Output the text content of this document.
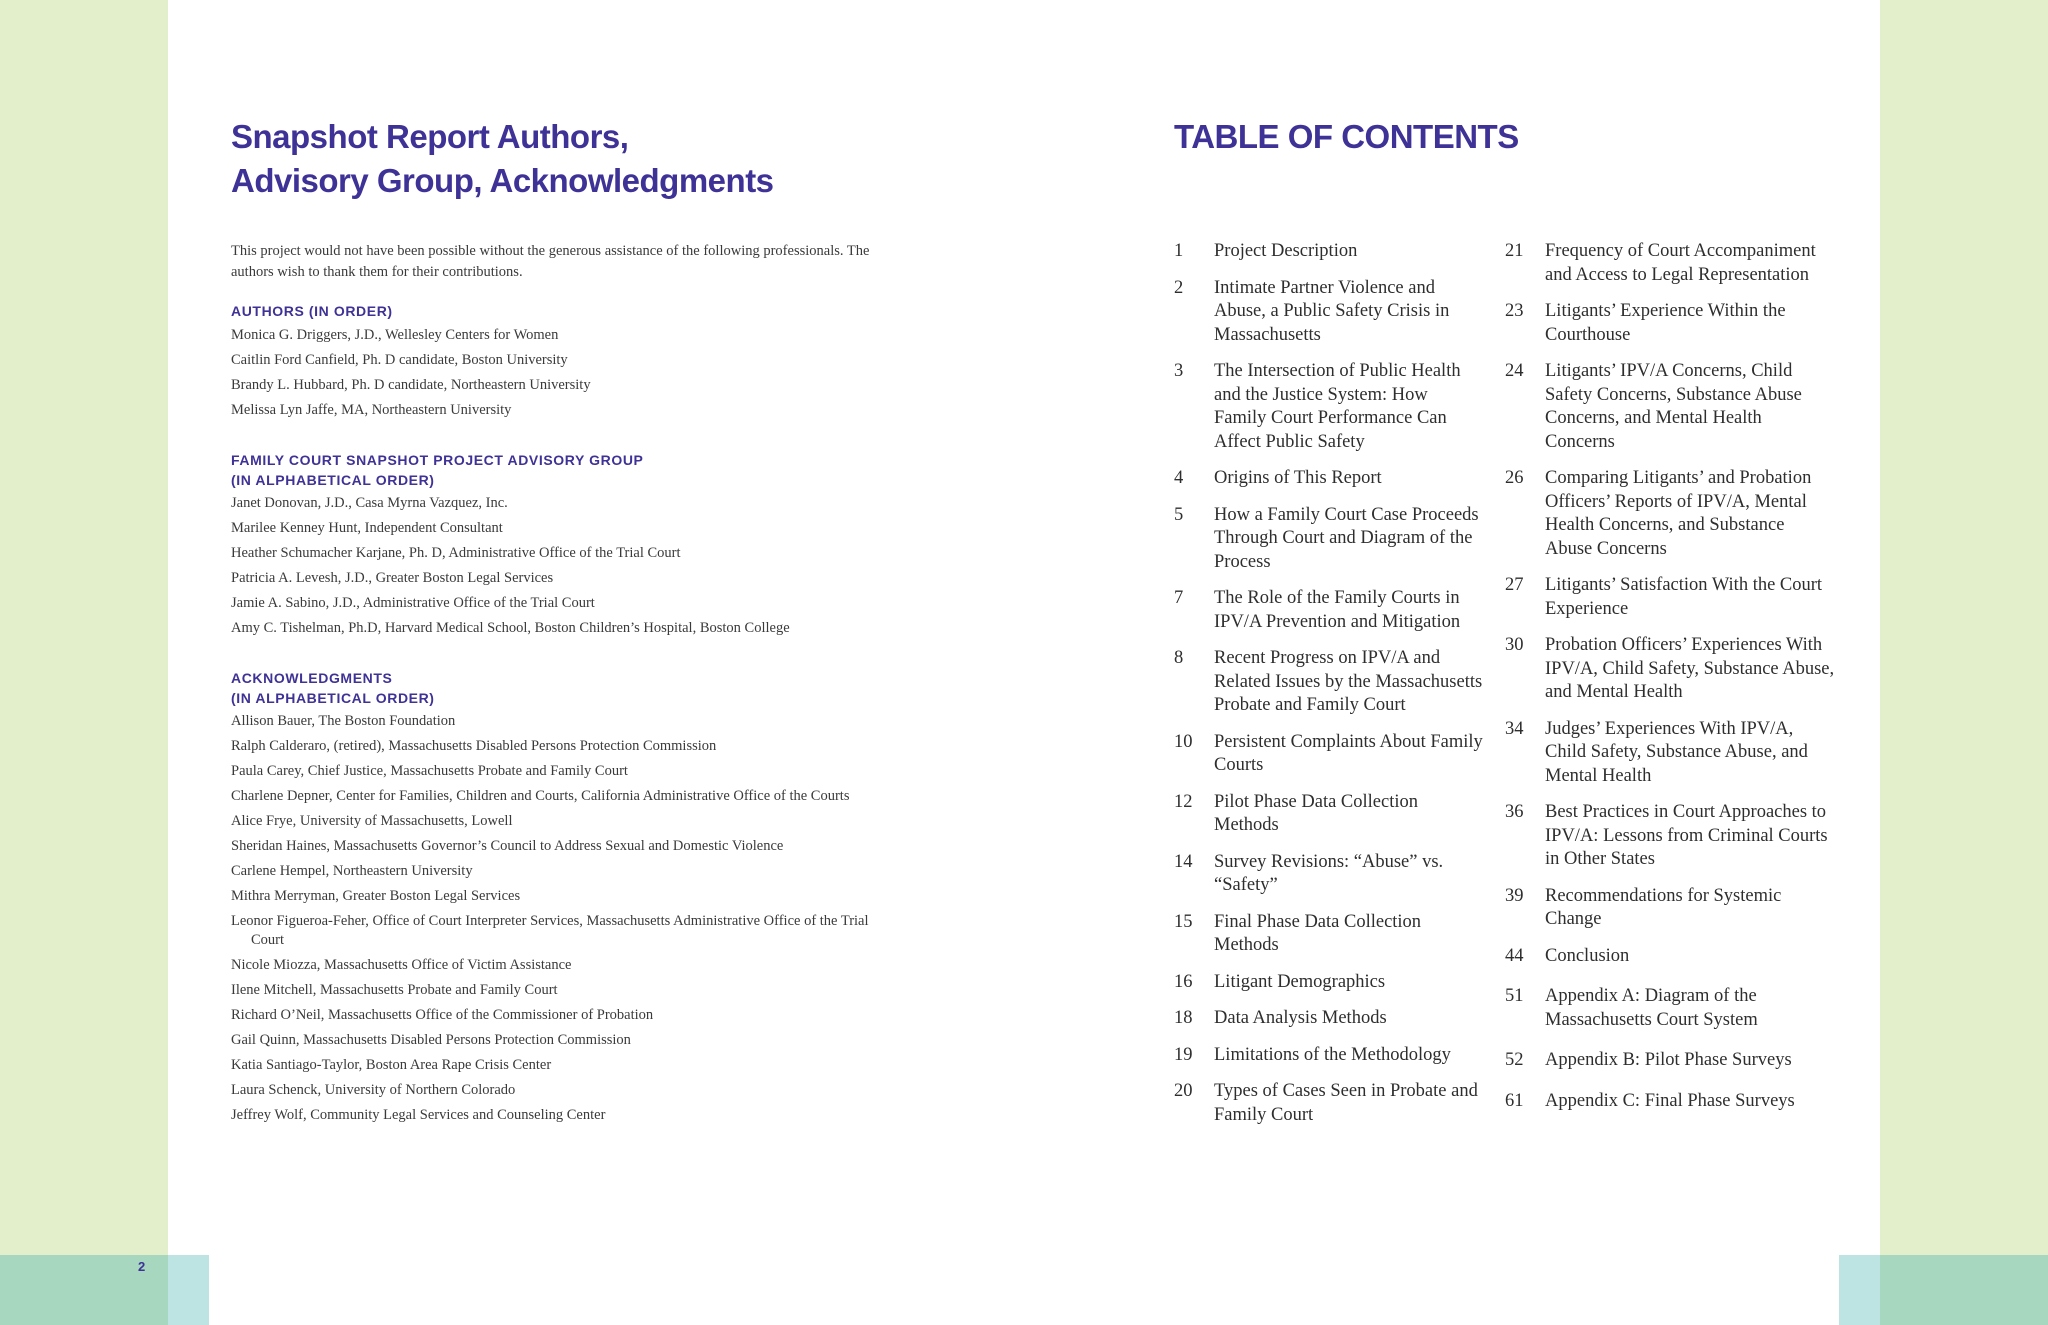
2
Snapshot Report Authors,
Advisory Group, Acknowledgments
This project would not have been possible without the generous assistance of the following professionals. The authors wish to thank them for their contributions.
AUTHORS (IN ORDER)
Monica G. Driggers, J.D., Wellesley Centers for Women
Caitlin Ford Canfield, Ph. D candidate, Boston University
Brandy L. Hubbard, Ph. D candidate, Northeastern University
Melissa Lyn Jaffe, MA, Northeastern University
FAMILY COURT SNAPSHOT PROJECT ADVISORY GROUP
(IN ALPHABETICAL ORDER)
Janet Donovan, J.D., Casa Myrna Vazquez, Inc.
Marilee Kenney Hunt, Independent Consultant
Heather Schumacher Karjane, Ph. D, Administrative Office of the Trial Court
Patricia A. Levesh, J.D., Greater Boston Legal Services
Jamie A. Sabino, J.D., Administrative Office of the Trial Court
Amy C. Tishelman, Ph.D, Harvard Medical School, Boston Children’s Hospital, Boston College
ACKNOWLEDGMENTS
(IN ALPHABETICAL ORDER)
Allison Bauer, The Boston Foundation
Ralph Calderaro, (retired), Massachusetts Disabled Persons Protection Commission
Paula Carey, Chief Justice, Massachusetts Probate and Family Court
Charlene Depner, Center for Families, Children and Courts, California Administrative Office of the Courts
Alice Frye, University of Massachusetts, Lowell
Sheridan Haines, Massachusetts Governor’s Council to Address Sexual and Domestic Violence
Carlene Hempel, Northeastern University
Mithra Merryman, Greater Boston Legal Services
Leonor Figueroa-Feher, Office of Court Interpreter Services, Massachusetts Administrative Office of the Trial Court
Nicole Miozza, Massachusetts Office of Victim Assistance
Ilene Mitchell, Massachusetts Probate and Family Court
Richard O’Neil, Massachusetts Office of the Commissioner of Probation
Gail Quinn, Massachusetts Disabled Persons Protection Commission
Katia Santiago-Taylor, Boston Area Rape Crisis Center
Laura Schenck, University of Northern Colorado
Jeffrey Wolf, Community Legal Services and Counseling Center
TABLE OF CONTENTS
1	Project Description
2	Intimate Partner Violence and Abuse, a Public Safety Crisis in Massachusetts
3	The Intersection of Public Health and the Justice System: How Family Court Performance Can Affect Public Safety
4	Origins of This Report
5	How a Family Court Case Proceeds Through Court and Diagram of the Process
7	The Role of the Family Courts in IPV/A Prevention and Mitigation
8	Recent Progress on IPV/A and Related Issues by the Massachusetts Probate and Family Court
10	Persistent Complaints About Family Courts
12	Pilot Phase Data Collection Methods
14	Survey Revisions: “Abuse” vs. “Safety”
15	Final Phase Data Collection Methods
16	Litigant Demographics
18	Data Analysis Methods
19	Limitations of the Methodology
20	Types of Cases Seen in Probate and Family Court
21	Frequency of Court Accompaniment and Access to Legal Representation
23	Litigants’ Experience Within the Courthouse
24	Litigants’ IPV/A Concerns, Child Safety Concerns, Substance Abuse Concerns, and Mental Health Concerns
26	Comparing Litigants’ and Probation Officers’ Reports of IPV/A, Mental Health Concerns, and Substance Abuse Concerns
27	Litigants’ Satisfaction With the Court Experience
30	Probation Officers’ Experiences With IPV/A, Child Safety, Substance Abuse, and Mental Health
34	Judges’ Experiences With IPV/A, Child Safety, Substance Abuse, and Mental Health
36	Best Practices in Court Approaches to IPV/A: Lessons from Criminal Courts in Other States
39	Recommendations for Systemic Change
44	Conclusion
51	Appendix A: Diagram of the Massachusetts Court System
52	Appendix B: Pilot Phase Surveys
61	Appendix C: Final Phase Surveys
